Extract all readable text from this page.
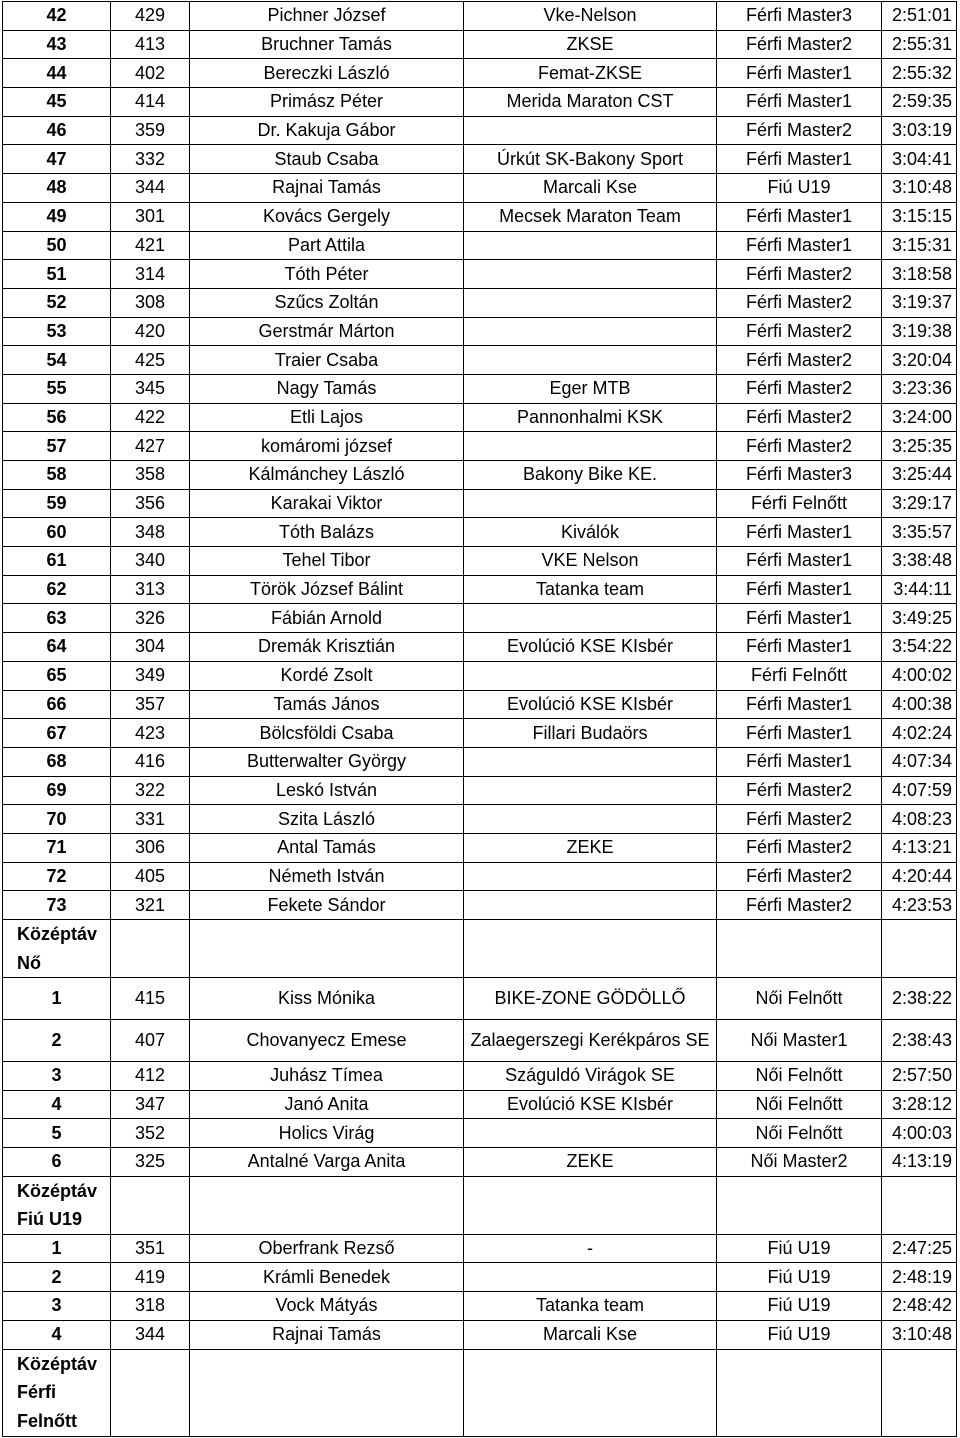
42	429	Pichner József	Vke-Nelson	Férfi Master3	2:51:01
43	413	Bruchner Tamás	ZKSE	Férfi Master2	2:55:31
44	402	Bereczki László	Femat-ZKSE	Férfi Master1	2:55:32
45	414	Primász Péter	Merida Maraton CST	Férfi Master1	2:59:35
46	359	Dr. Kakuja Gábor		Férfi Master2	3:03:19
47	332	Staub Csaba	Úrkút SK-Bakony Sport	Férfi Master1	3:04:41
48	344	Rajnai Tamás	Marcali Kse	Fiú U19	3:10:48
49	301	Kovács Gergely	Mecsek Maraton Team	Férfi Master1	3:15:15
50	421	Part Attila		Férfi Master1	3:15:31
51	314	Tóth Péter		Férfi Master2	3:18:58
52	308	Szűcs Zoltán		Férfi Master2	3:19:37
53	420	Gerstmár Márton		Férfi Master2	3:19:38
54	425	Traier Csaba		Férfi Master2	3:20:04
55	345	Nagy Tamás	Eger MTB	Férfi Master2	3:23:36
56	422	Etli Lajos	Pannonhalmi KSK	Férfi Master2	3:24:00
57	427	komáromi józsef		Férfi Master2	3:25:35
58	358	Kálmánchey László	Bakony Bike KE.	Férfi Master3	3:25:44
59	356	Karakai Viktor		Férfi Felnőtt	3:29:17
60	348	Tóth Balázs	Kiválók	Férfi Master1	3:35:57
61	340	Tehel Tibor	VKE Nelson	Férfi Master1	3:38:48
62	313	Török József Bálint	Tatanka team	Férfi Master1	3:44:11
63	326	Fábián Arnold		Férfi Master1	3:49:25
64	304	Dremák Krisztián	Evolúció KSE KIsbér	Férfi Master1	3:54:22
65	349	Kordé Zsolt		Férfi Felnőtt	4:00:02
66	357	Tamás János	Evolúció KSE KIsbér	Férfi Master1	4:00:38
67	423	Bölcsföldi Csaba	Fillari Budaörs	Férfi Master1	4:02:24
68	416	Butterwalter György		Férfi Master1	4:07:34
69	322	Leskó István		Férfi Master2	4:07:59
70	331	Szita László		Férfi Master2	4:08:23
71	306	Antal Tamás	ZEKE	Férfi Master2	4:13:21
72	405	Németh István		Férfi Master2	4:20:44
73	321	Fekete Sándor		Férfi Master2	4:23:53
Középtáv
Nő					
1	415	Kiss Mónika	BIKE-ZONE GÖDÖLLŐ	Női Felnőtt	2:38:22
2	407	Chovanyecz Emese	Zalaegerszegi Kerékpáros SE	Női Master1	2:38:43
3	412	Juhász Tímea	Száguldó Virágok SE	Női Felnőtt	2:57:50
4	347	Janó Anita	Evolúció KSE KIsbér	Női Felnőtt	3:28:12
5	352	Holics Virág		Női Felnőtt	4:00:03
6	325	Antalné Varga Anita	ZEKE	Női Master2	4:13:19
Középtáv
Fiú U19					
1	351	Oberfrank Rezső	-	Fiú U19	2:47:25
2	419	Krámli Benedek		Fiú U19	2:48:19
3	318	Vock Mátyás	Tatanka team	Fiú U19	2:48:42
4	344	Rajnai Tamás	Marcali Kse	Fiú U19	3:10:48
Középtáv
Férfi
Felnőtt					
